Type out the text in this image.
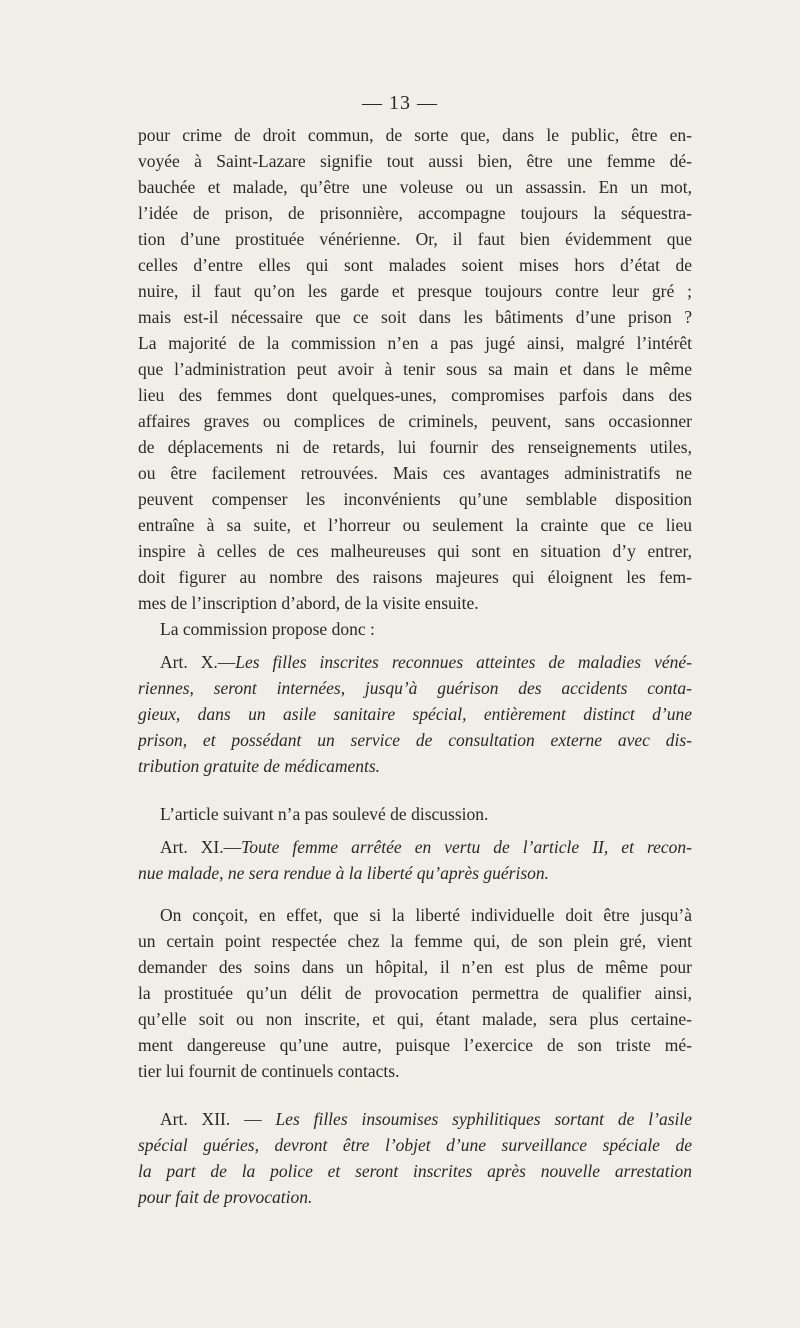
— 13 —
pour crime de droit commun, de sorte que, dans le public, être en-
voyée à Saint-Lazare signifie tout aussi bien, être une femme dé-
bauchée et malade, qu’être une voleuse ou un assassin. En un mot,
l’idée de prison, de prisonnière, accompagne toujours la séquestra-
tion d’une prostituée vénérienne. Or, il faut bien évidemment que
celles d’entre elles qui sont malades soient mises hors d’état de
nuire, il faut qu’on les garde et presque toujours contre leur gré ;
mais est-il nécessaire que ce soit dans les bâtiments d’une prison ?
La majorité de la commission n’en a pas jugé ainsi, malgré l’intérêt
que l’administration peut avoir à tenir sous sa main et dans le même
lieu des femmes dont quelques-unes, compromises parfois dans des
affaires graves ou complices de criminels, peuvent, sans occasionner
de déplacements ni de retards, lui fournir des renseignements utiles,
ou être facilement retrouvées. Mais ces avantages administratifs ne
peuvent compenser les inconvénients qu’une semblable disposition
entraîne à sa suite, et l’horreur ou seulement la crainte que ce lieu
inspire à celles de ces malheureuses qui sont en situation d’y entrer,
doit figurer au nombre des raisons majeures qui éloignent les fem-
mes de l’inscription d’abord, de la visite ensuite.
La commission propose donc :
Art. X.—Les filles inscrites reconnues atteintes de maladies véné-
riennes, seront internées, jusqu’à guérison des accidents conta-
gieux, dans un asile sanitaire spécial, entièrement distinct d’une
prison, et possédant un service de consultation externe avec dis-
tribution gratuite de médicaments.
L’article suivant n’a pas soulevé de discussion.
Art. XI.—Toute femme arrêtée en vertu de l’article II, et recon-
nue malade, ne sera rendue à la liberté qu’après guérison.
On conçoit, en effet, que si la liberté individuelle doit être jusqu’à
un certain point respectée chez la femme qui, de son plein gré, vient
demander des soins dans un hôpital, il n’en est plus de même pour
la prostituée qu’un délit de provocation permettra de qualifier ainsi,
qu’elle soit ou non inscrite, et qui, étant malade, sera plus certaine-
ment dangereuse qu’une autre, puisque l’exercice de son triste mé-
tier lui fournit de continuels contacts.
Art. XII. — Les filles insoumises syphilitiques sortant de l’asile
spécial guéries, devront être l’objet d’une surveillance spéciale de
la part de la police et seront inscrites après nouvelle arrestation
pour fait de provocation.
